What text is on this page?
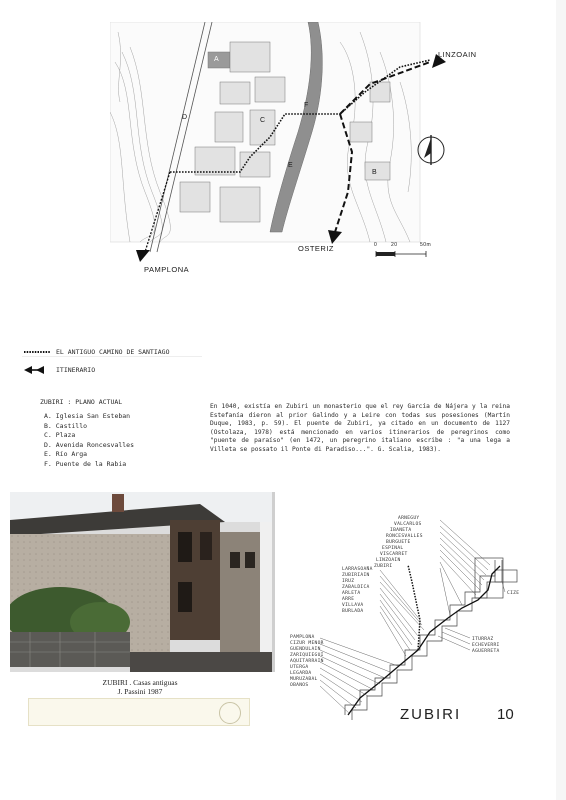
LINZOAIN
PAMPLONA
OSTERIZ	0	20	50m
A
B
C
D
E
F
EL ANTIGUO CAMINO DE SANTIAGO
ITINERARIO
ZUBIRI : PLANO ACTUAL
A. Iglesia San Esteban
B. Castillo
C. Plaza
D. Avenida Roncesvalles
E. Río Arga
F. Puente de la Rabia

En 1040, existía en Zubiri un monasterio que el rey García de Nájera y la reina Estefanía dieron al prior Galindo y a Leire con todas sus posesiones (Martín Duque, 1983, p. 59). El puente de Zubiri, ya citado en un documento de 1127 (Ostolaza, 1978) está mencionado en varios itinerarios de peregrinos como "puente de paraíso" (en 1472, un peregrino italiano escribe : "a una lega a Villeta se possato il Ponte di Paradiso...". G. Scalia, 1983).

ZUBIRI . Casas antiguas
J. Passini 1987
ARNEGUY
VALCARLOS
IBANETA
RONCESVALLES
BURGUETE
ESPINAL
VISCARRET
LINZOAIN
ZUBIRI
LARRASOAÑA
ZUBIRIAIN
IRUZ
ZABALDICA
ARLETA
ARRE
VILLAVA
BURLADA
PAMPLONA
CIZUR MENOR
GUENDULAIN
ZARIQUIEGUI
AQUITARRAIN
UTERGA
LEGARDA
MURUZABAL
OBANOS
ITURRAZ
ECHEVERRI
AGUERRETA
CIZE
ZUBIRI 10
